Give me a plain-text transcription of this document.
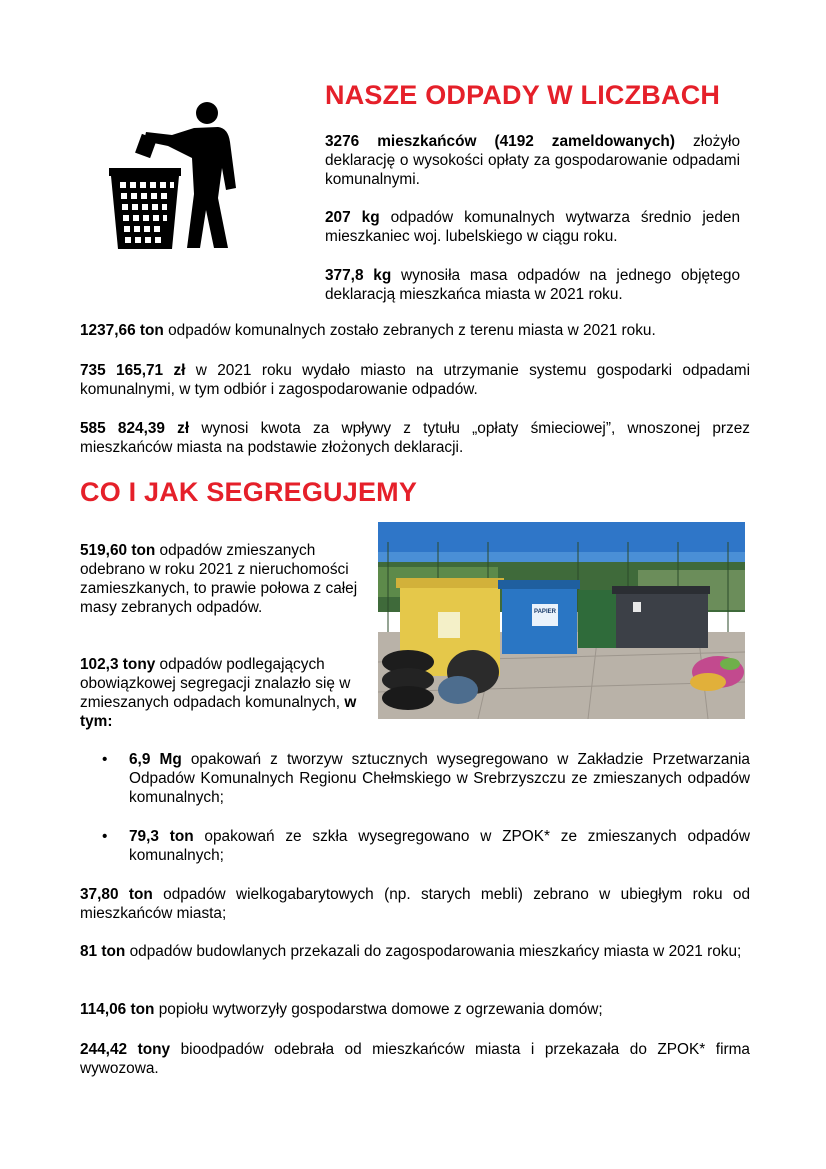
NASZE ODPADY W LICZBACH

3276 mieszkańców (4192 zameldowanych) złożyło deklarację o wysokości opłaty za gospodarowanie odpadami komunalnymi.

207 kg odpadów komunalnych wytwarza średnio jeden mieszkaniec woj. lubelskiego w ciągu roku.

377,8 kg wynosiła masa odpadów na jednego objętego deklaracją mieszkańca miasta w 2021 roku.

1237,66 ton odpadów komunalnych zostało zebranych z terenu miasta w 2021 roku.

735 165,71 zł w 2021 roku wydało miasto na utrzymanie systemu gospodarki odpadami komunalnymi, w tym odbiór i zagospodarowanie odpadów.

585 824,39 zł wynosi kwota za wpływy z tytułu „opłaty śmieciowej”, wnoszonej przez mieszkańców miasta na podstawie złożonych deklaracji.

CO I JAK SEGREGUJEMY

519,60 ton odpadów zmieszanych odebrano w roku 2021 z nieruchomości zamieszkanych, to prawie połowa z całej masy zebranych odpadów.

102,3 tony odpadów podlegających obowiązkowej segregacji znalazło się w zmieszanych odpadach komunalnych, w tym:

PAPIER
• 6,9 Mg opakowań z tworzyw sztucznych wysegregowano w Zakładzie Przetwarzania Odpadów Komunalnych Regionu Chełmskiego w Srebrzyszczu ze zmieszanych odpadów komunalnych;

• 79,3 ton opakowań ze szkła wysegregowano w ZPOK* ze zmieszanych odpadów komunalnych;

37,80 ton odpadów wielkogabarytowych (np. starych mebli) zebrano w ubiegłym roku od mieszkańców miasta;

81 ton odpadów budowlanych przekazali do zagospodarowania mieszkańcy miasta w 2021 roku;

114,06 ton popiołu wytworzyły gospodarstwa domowe z ogrzewania domów;

244,42 tony bioodpadów odebrała od mieszkańców miasta i przekazała do ZPOK* firma wywozowa.
